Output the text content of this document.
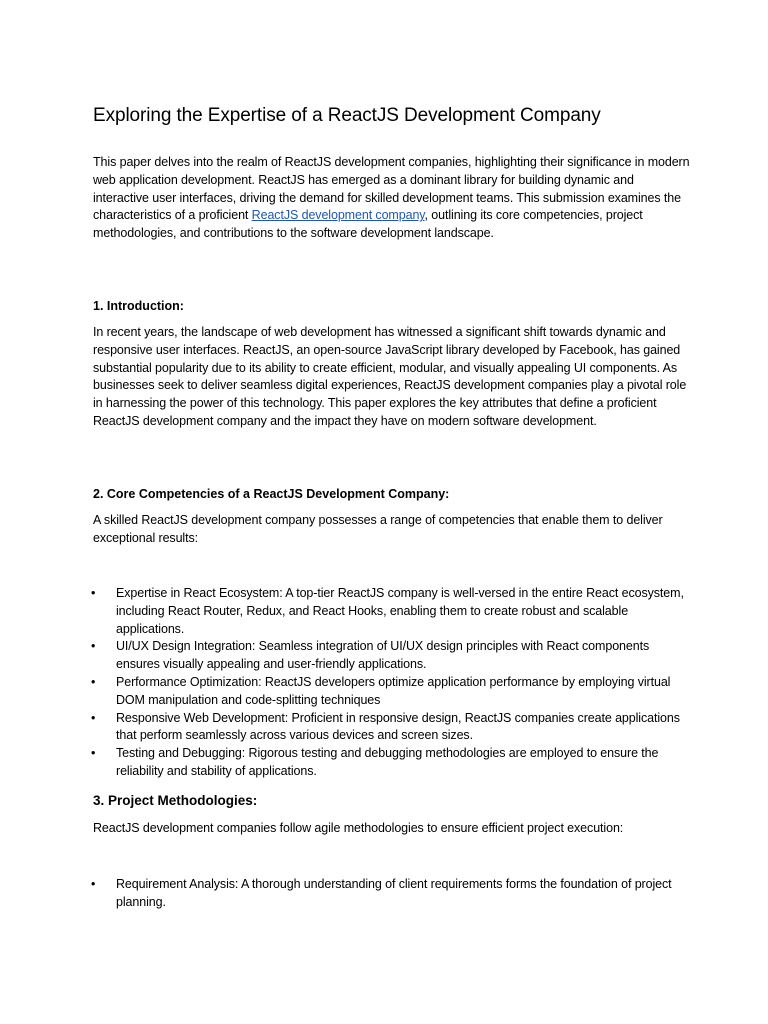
Exploring the Expertise of a ReactJS Development Company

This paper delves into the realm of ReactJS development companies, highlighting their significance in modern web application development. ReactJS has emerged as a dominant library for building dynamic and interactive user interfaces, driving the demand for skilled development teams. This submission examines the characteristics of a proficient ReactJS development company, outlining its core competencies, project methodologies, and contributions to the software development landscape.

1. Introduction:

In recent years, the landscape of web development has witnessed a significant shift towards dynamic and responsive user interfaces. ReactJS, an open-source JavaScript library developed by Facebook, has gained substantial popularity due to its ability to create efficient, modular, and visually appealing UI components. As businesses seek to deliver seamless digital experiences, ReactJS development companies play a pivotal role in harnessing the power of this technology. This paper explores the key attributes that define a proficient ReactJS development company and the impact they have on modern software development.

2. Core Competencies of a ReactJS Development Company:

A skilled ReactJS development company possesses a range of competencies that enable them to deliver exceptional results:

• Expertise in React Ecosystem: A top-tier ReactJS company is well-versed in the entire React ecosystem, including React Router, Redux, and React Hooks, enabling them to create robust and scalable applications.
• UI/UX Design Integration: Seamless integration of UI/UX design principles with React components ensures visually appealing and user-friendly applications.
• Performance Optimization: ReactJS developers optimize application performance by employing virtual DOM manipulation and code-splitting techniques
• Responsive Web Development: Proficient in responsive design, ReactJS companies create applications that perform seamlessly across various devices and screen sizes.
• Testing and Debugging: Rigorous testing and debugging methodologies are employed to ensure the reliability and stability of applications.
3. Project Methodologies:

ReactJS development companies follow agile methodologies to ensure efficient project execution:

• Requirement Analysis: A thorough understanding of client requirements forms the foundation of project planning.
